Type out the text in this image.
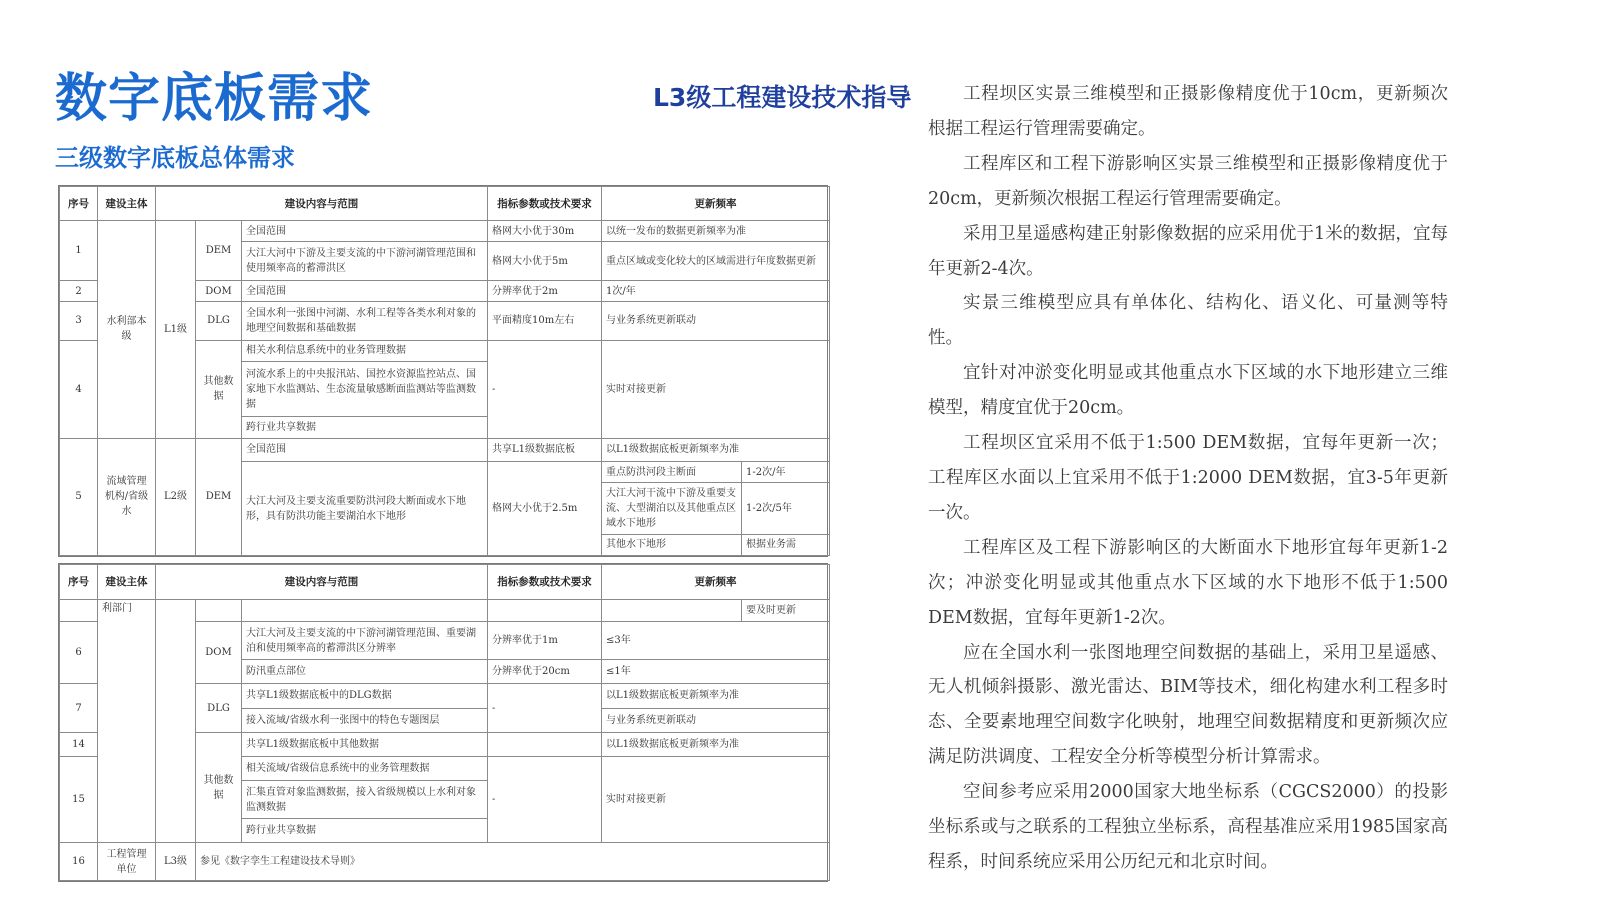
数字底板需求
三级数字底板总体需求
L3级工程建设技术指导
序号	建设主体	建设内容与范围			指标参数或技术要求	更新频率	
1	水利部本级	L1级	DEM	全国范围	格网大小优于30m	以统一发布的数据更新频率为准	
				大江大河中下游及主要支流的中下游河湖管理范围和使用频率高的蓄滞洪区	格网大小优于5m	重点区域或变化较大的区域需进行年度数据更新	
2			DOM	全国范围	分辨率优于2m	1次/年	
3			DLG	全国水利一张图中河湖、水利工程等各类水利对象的地理空间数据和基础数据	平面精度10m左右	与业务系统更新联动	
4			其他数据	相关水利信息系统中的业务管理数据	-	实时对接更新	
				河流水系上的中央报汛站、国控水资源监控站点、国家地下水监测站、生态流量敏感断面监测站等监测数据			
				跨行业共享数据			
5	流域管理机构/省级水	L2级	DEM	全国范围	共享L1级数据底板	以L1级数据底板更新频率为准	
				大江大河及主要支流重要防洪河段大断面或水下地形，具有防洪功能主要湖泊水下地形	格网大小优于2.5m	重点防洪河段主断面	1-2次/年
						大江大河干流中下游及重要支流、大型湖泊以及其他重点区域水下地形	1-2次/5年
						其他水下地形	根据业务需
序号	建设主体	建设内容与范围			指标参数或技术要求	更新频率	
	利部门						要及时更新
6			DOM	大江大河及主要支流的中下游河湖管理范围、重要湖泊和使用频率高的蓄滞洪区分辨率	分辨率优于1m	≤3年	
				防汛重点部位	分辨率优于20cm	≤1年	
7			DLG	共享L1级数据底板中的DLG数据	-	以L1级数据底板更新频率为准	
				接入流域/省级水利一张图中的特色专题图层		与业务系统更新联动	
14			其他数据	共享L1级数据底板中其他数据		以L1级数据底板更新频率为准	
15				相关流域/省级信息系统中的业务管理数据	-	实时对接更新	
				汇集直管对象监测数据，接入省级规模以上水利对象监测数据			
				跨行业共享数据			
16	工程管理单位	L3级	参见《数字孪生工程建设技术导则》				

工程坝区实景三维模型和正摄影像精度优于10cm，更新频次根据工程运行管理需要确定。

工程库区和工程下游影响区实景三维模型和正摄影像精度优于20cm，更新频次根据工程运行管理需要确定。

采用卫星遥感构建正射影像数据的应采用优于1米的数据，宜每年更新2-4次。

实景三维模型应具有单体化、结构化、语义化、可量测等特性。

宜针对冲淤变化明显或其他重点水下区域的水下地形建立三维模型，精度宜优于20cm。

工程坝区宜采用不低于1:500 DEM数据，宜每年更新一次；工程库区水面以上宜采用不低于1:2000 DEM数据，宜3-5年更新一次。

工程库区及工程下游影响区的大断面水下地形宜每年更新1-2次；冲淤变化明显或其他重点水下区域的水下地形不低于1:500 DEM数据，宜每年更新1-2次。

应在全国水利一张图地理空间数据的基础上，采用卫星遥感、无人机倾斜摄影、激光雷达、BIM等技术，细化构建水利工程多时态、全要素地理空间数字化映射，地理空间数据精度和更新频次应满足防洪调度、工程安全分析等模型分析计算需求。

空间参考应采用2000国家大地坐标系（CGCS2000）的投影坐标系或与之联系的工程独立坐标系，高程基准应采用1985国家高程系，时间系统应采用公历纪元和北京时间。
